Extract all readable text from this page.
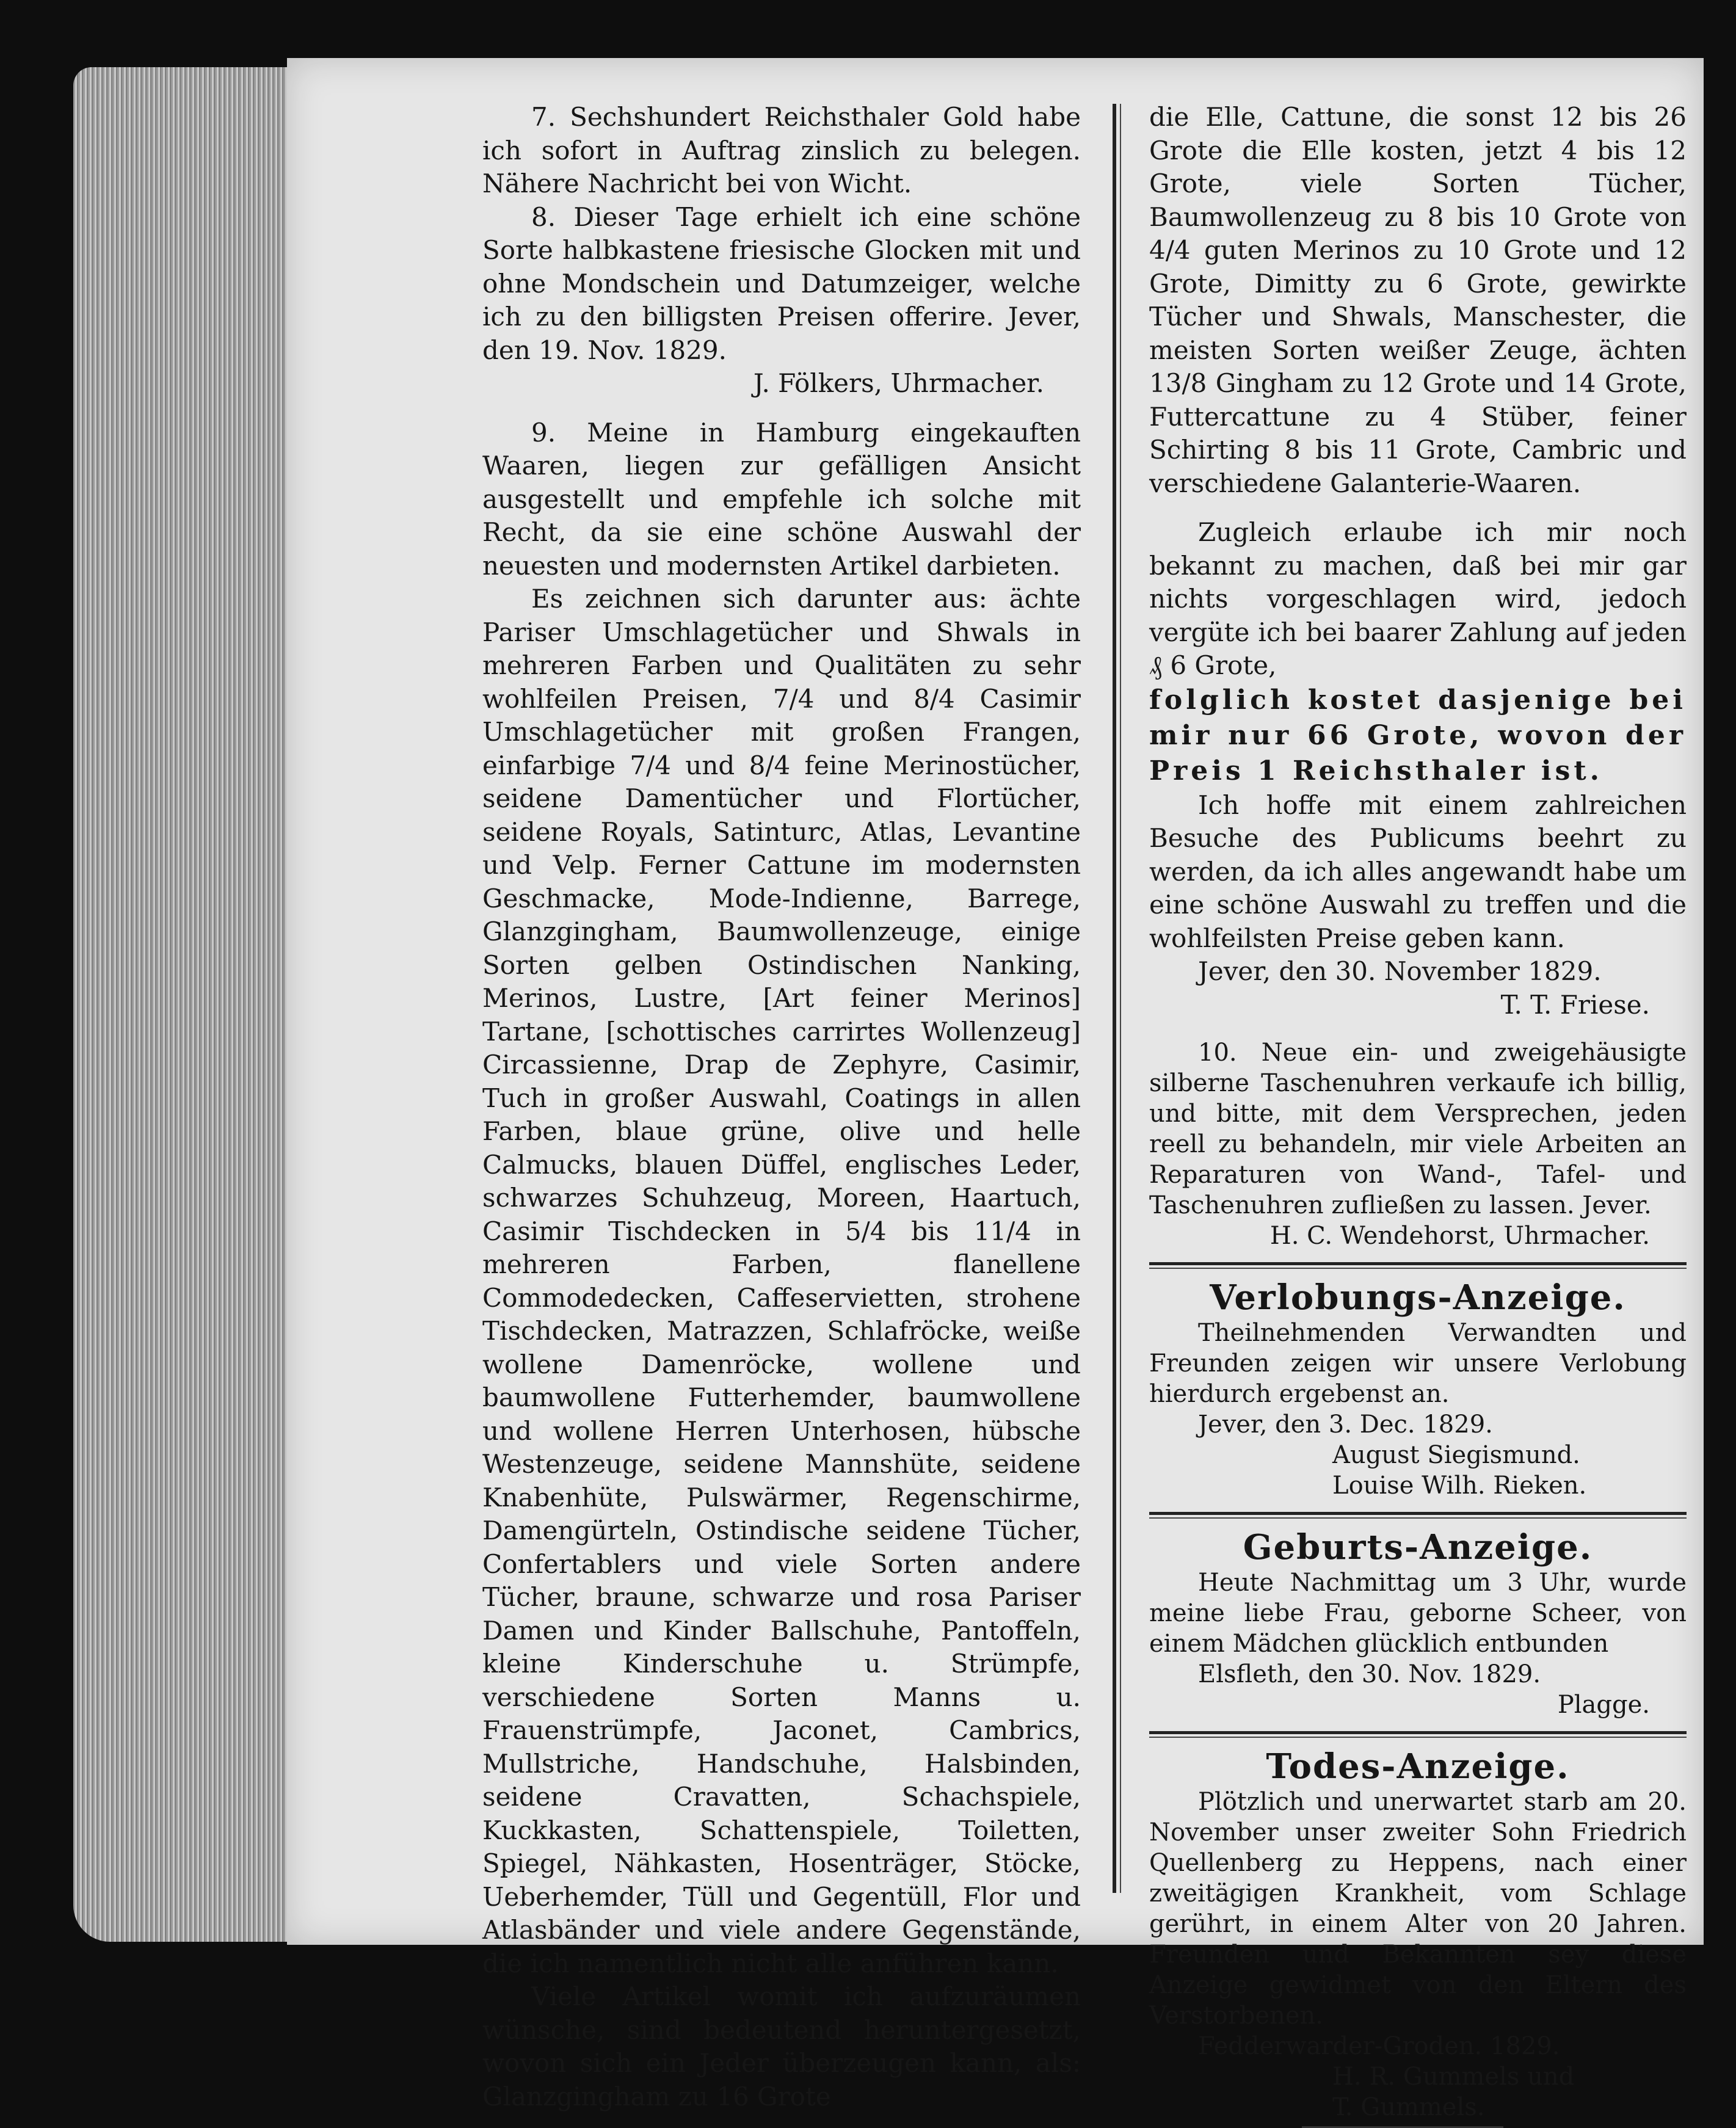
7. Sechshundert Reichsthaler Gold habe ich sofort in Auftrag zinslich zu belegen. Nähere Nachricht bei von Wicht.

8. Dieser Tage erhielt ich eine schöne Sorte halbkastene friesische Glocken mit und ohne Mondschein und Datumzeiger, welche ich zu den billigsten Preisen offerire. Jever, den 19. Nov. 1829.

J. Fölkers, Uhrmacher.

9. Meine in Hamburg eingekauften Waaren, liegen zur gefälligen Ansicht ausgestellt und empfehle ich solche mit Recht, da sie eine schöne Auswahl der neuesten und modernsten Artikel darbieten.

Es zeichnen sich darunter aus: ächte Pariser Umschlagetücher und Shwals in mehreren Farben und Qualitäten zu sehr wohlfeilen Preisen, 7/4 und 8/4 Casimir Umschlagetücher mit großen Frangen, einfarbige 7/4 und 8/4 feine Merinostücher, seidene Damentücher und Flortücher, seidene Royals, Satinturc, Atlas, Levantine und Velp. Ferner Cattune im modernsten Geschmacke, Mode-Indienne, Barrege, Glanzgingham, Baumwollenzeuge, einige Sorten gelben Ostindischen Nanking, Merinos, Lustre, [Art feiner Merinos] Tartane, [schottisches carrirtes Wollenzeug] Circassienne, Drap de Zephyre, Casimir, Tuch in großer Auswahl, Coatings in allen Farben, blaue grüne, olive und helle Calmucks, blauen Düffel, englisches Leder, schwarzes Schuhzeug, Moreen, Haartuch, Casimir Tischdecken in 5/4 bis 11/4 in mehreren Farben, flanellene Commodedecken, Caffeservietten, strohene Tischdecken, Matrazzen, Schlafröcke, weiße wollene Damenröcke, wollene und baumwollene Futterhemder, baumwollene und wollene Herren Unterhosen, hübsche Westenzeuge, seidene Mannshüte, seidene Knabenhüte, Pulswärmer, Regenschirme, Damengürteln, Ostindische seidene Tücher, Confertablers und viele Sorten andere Tücher, braune, schwarze und rosa Pariser Damen und Kinder Ballschuhe, Pantoffeln, kleine Kinderschuhe u. Strümpfe, verschiedene Sorten Manns u. Frauenstrümpfe, Jaconet, Cambrics, Mullstriche, Handschuhe, Halsbinden, seidene Cravatten, Schachspiele, Kuckkasten, Schattenspiele, Toiletten, Spiegel, Nähkasten, Hosenträger, Stöcke, Ueberhemder, Tüll und Gegentüll, Flor und Atlasbänder und viele andere Gegenstände, die ich namentlich nicht alle anführen kann.

Viele Artikel womit ich aufzuräumen wünsche, sind bedeutend heruntergesetzt, wovon sich ein Jeder überzeugen kann, als: Glanzgingham zu 16 Grote

die Elle, Cattune, die sonst 12 bis 26 Grote die Elle kosten, jetzt 4 bis 12 Grote, viele Sorten Tücher, Baumwollenzeug zu 8 bis 10 Grote von 4/4 guten Merinos zu 10 Grote und 12 Grote, Dimitty zu 6 Grote, gewirkte Tücher und Shwals, Manschester, die meisten Sorten weißer Zeuge, ächten 13/8 Gingham zu 12 Grote und 14 Grote, Futtercattune zu 4 Stüber, feiner Schirting 8 bis 11 Grote, Cambric und verschiedene Galanterie-Waaren.

Zugleich erlaube ich mir noch bekannt zu machen, daß bei mir gar nichts vorgeschlagen wird, jedoch vergüte ich bei baarer Zahlung auf jeden ₰ 6 Grote,

folglich kostet dasjenige bei mir nur 66 Grote, wovon der Preis 1 Reichsthaler ist.

Ich hoffe mit einem zahlreichen Besuche des Publicums beehrt zu werden, da ich alles angewandt habe um eine schöne Auswahl zu treffen und die wohlfeilsten Preise geben kann.

Jever, den 30. November 1829.

T. T. Friese.

10. Neue ein- und zweigehäusigte silberne Taschenuhren verkaufe ich billig, und bitte, mit dem Versprechen, jeden reell zu behandeln, mir viele Arbeiten an Reparaturen von Wand-, Tafel- und Taschenuhren zufließen zu lassen. Jever.

H. C. Wendehorst, Uhrmacher.

Verlobungs-Anzeige.

Theilnehmenden Verwandten und Freunden zeigen wir unsere Verlobung hierdurch ergebenst an.

Jever, den 3. Dec. 1829.

August Siegismund.

Louise Wilh. Rieken.

Geburts-Anzeige.

Heute Nachmittag um 3 Uhr, wurde meine liebe Frau, geborne Scheer, von einem Mädchen glücklich entbunden

Elsfleth, den 30. Nov. 1829.

Plagge.

Todes-Anzeige.

Plötzlich und unerwartet starb am 20. November unser zweiter Sohn Friedrich Quellenberg zu Heppens, nach einer zweitägigen Krankheit, vom Schlage gerührt, in einem Alter von 20 Jahren. Freunden und Bekannten sey diese Anzeige gewidmet von den Eltern des Verstorbenen.

Fedderwarder-Groden. 1829.

H. R. Gummels und

T. Gummels.
